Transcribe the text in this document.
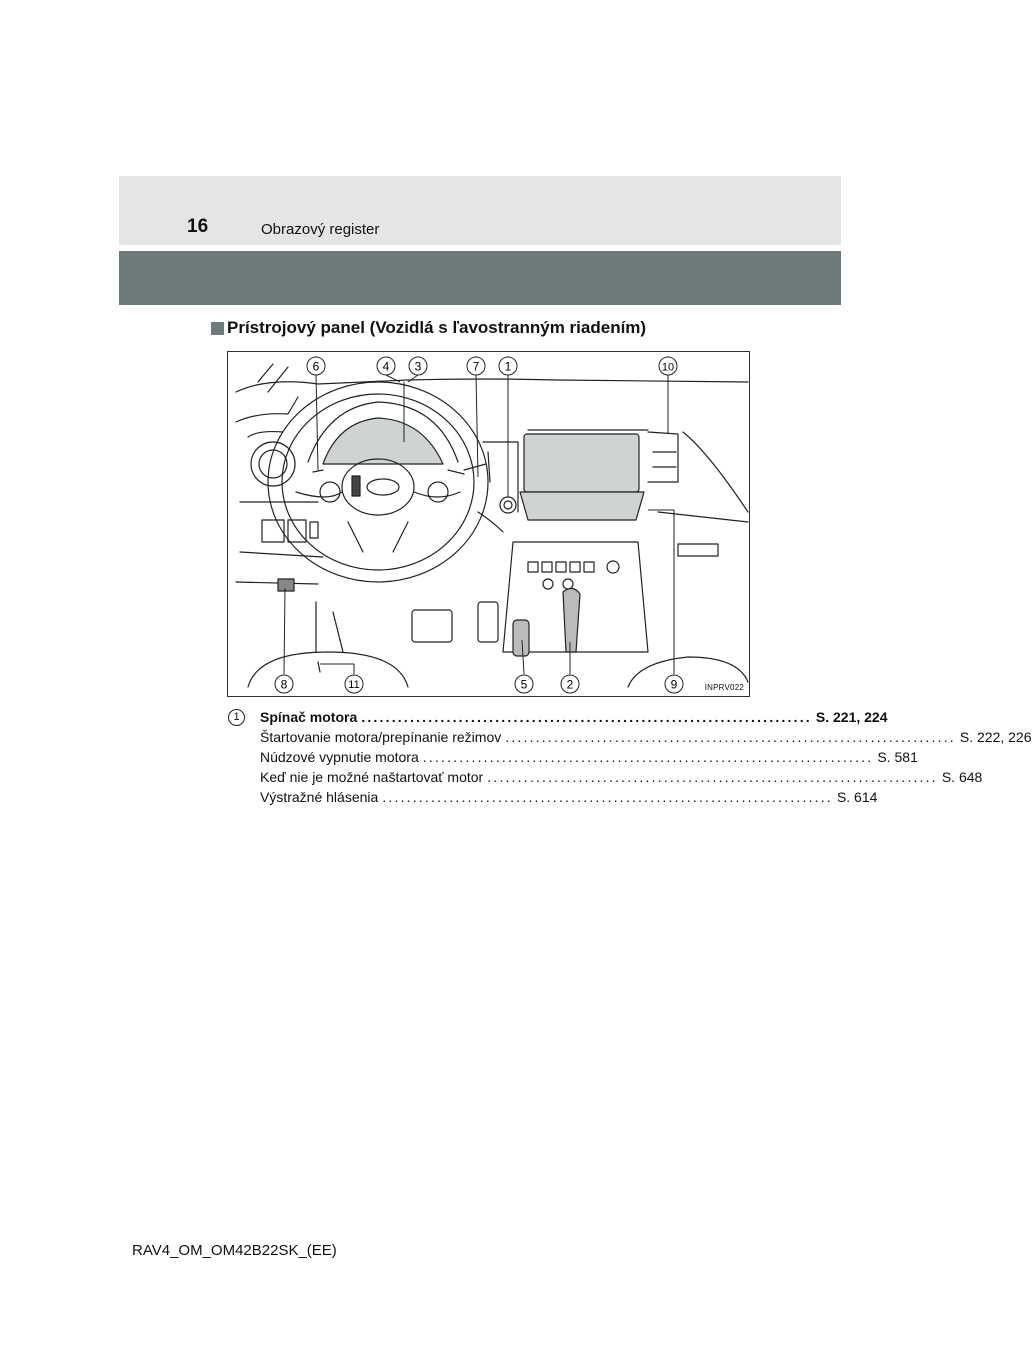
16	Obrazový register
Prístrojový panel (Vozidlá s ľavostranným riadením)
6	4 3	7 1	10
8	11	5	2	9	INPRV022
1	Spínač motora .......................................................................... S. 221, 224
Štartovanie motora/prepínanie režimov .......................................................................... S. 222, 226
Núdzové vypnutie motora .......................................................................... S. 581
Keď nie je možné naštartovať motor .......................................................................... S. 648
Výstražné hlásenia .......................................................................... S. 614
RAV4_OM_OM42B22SK_(EE)
